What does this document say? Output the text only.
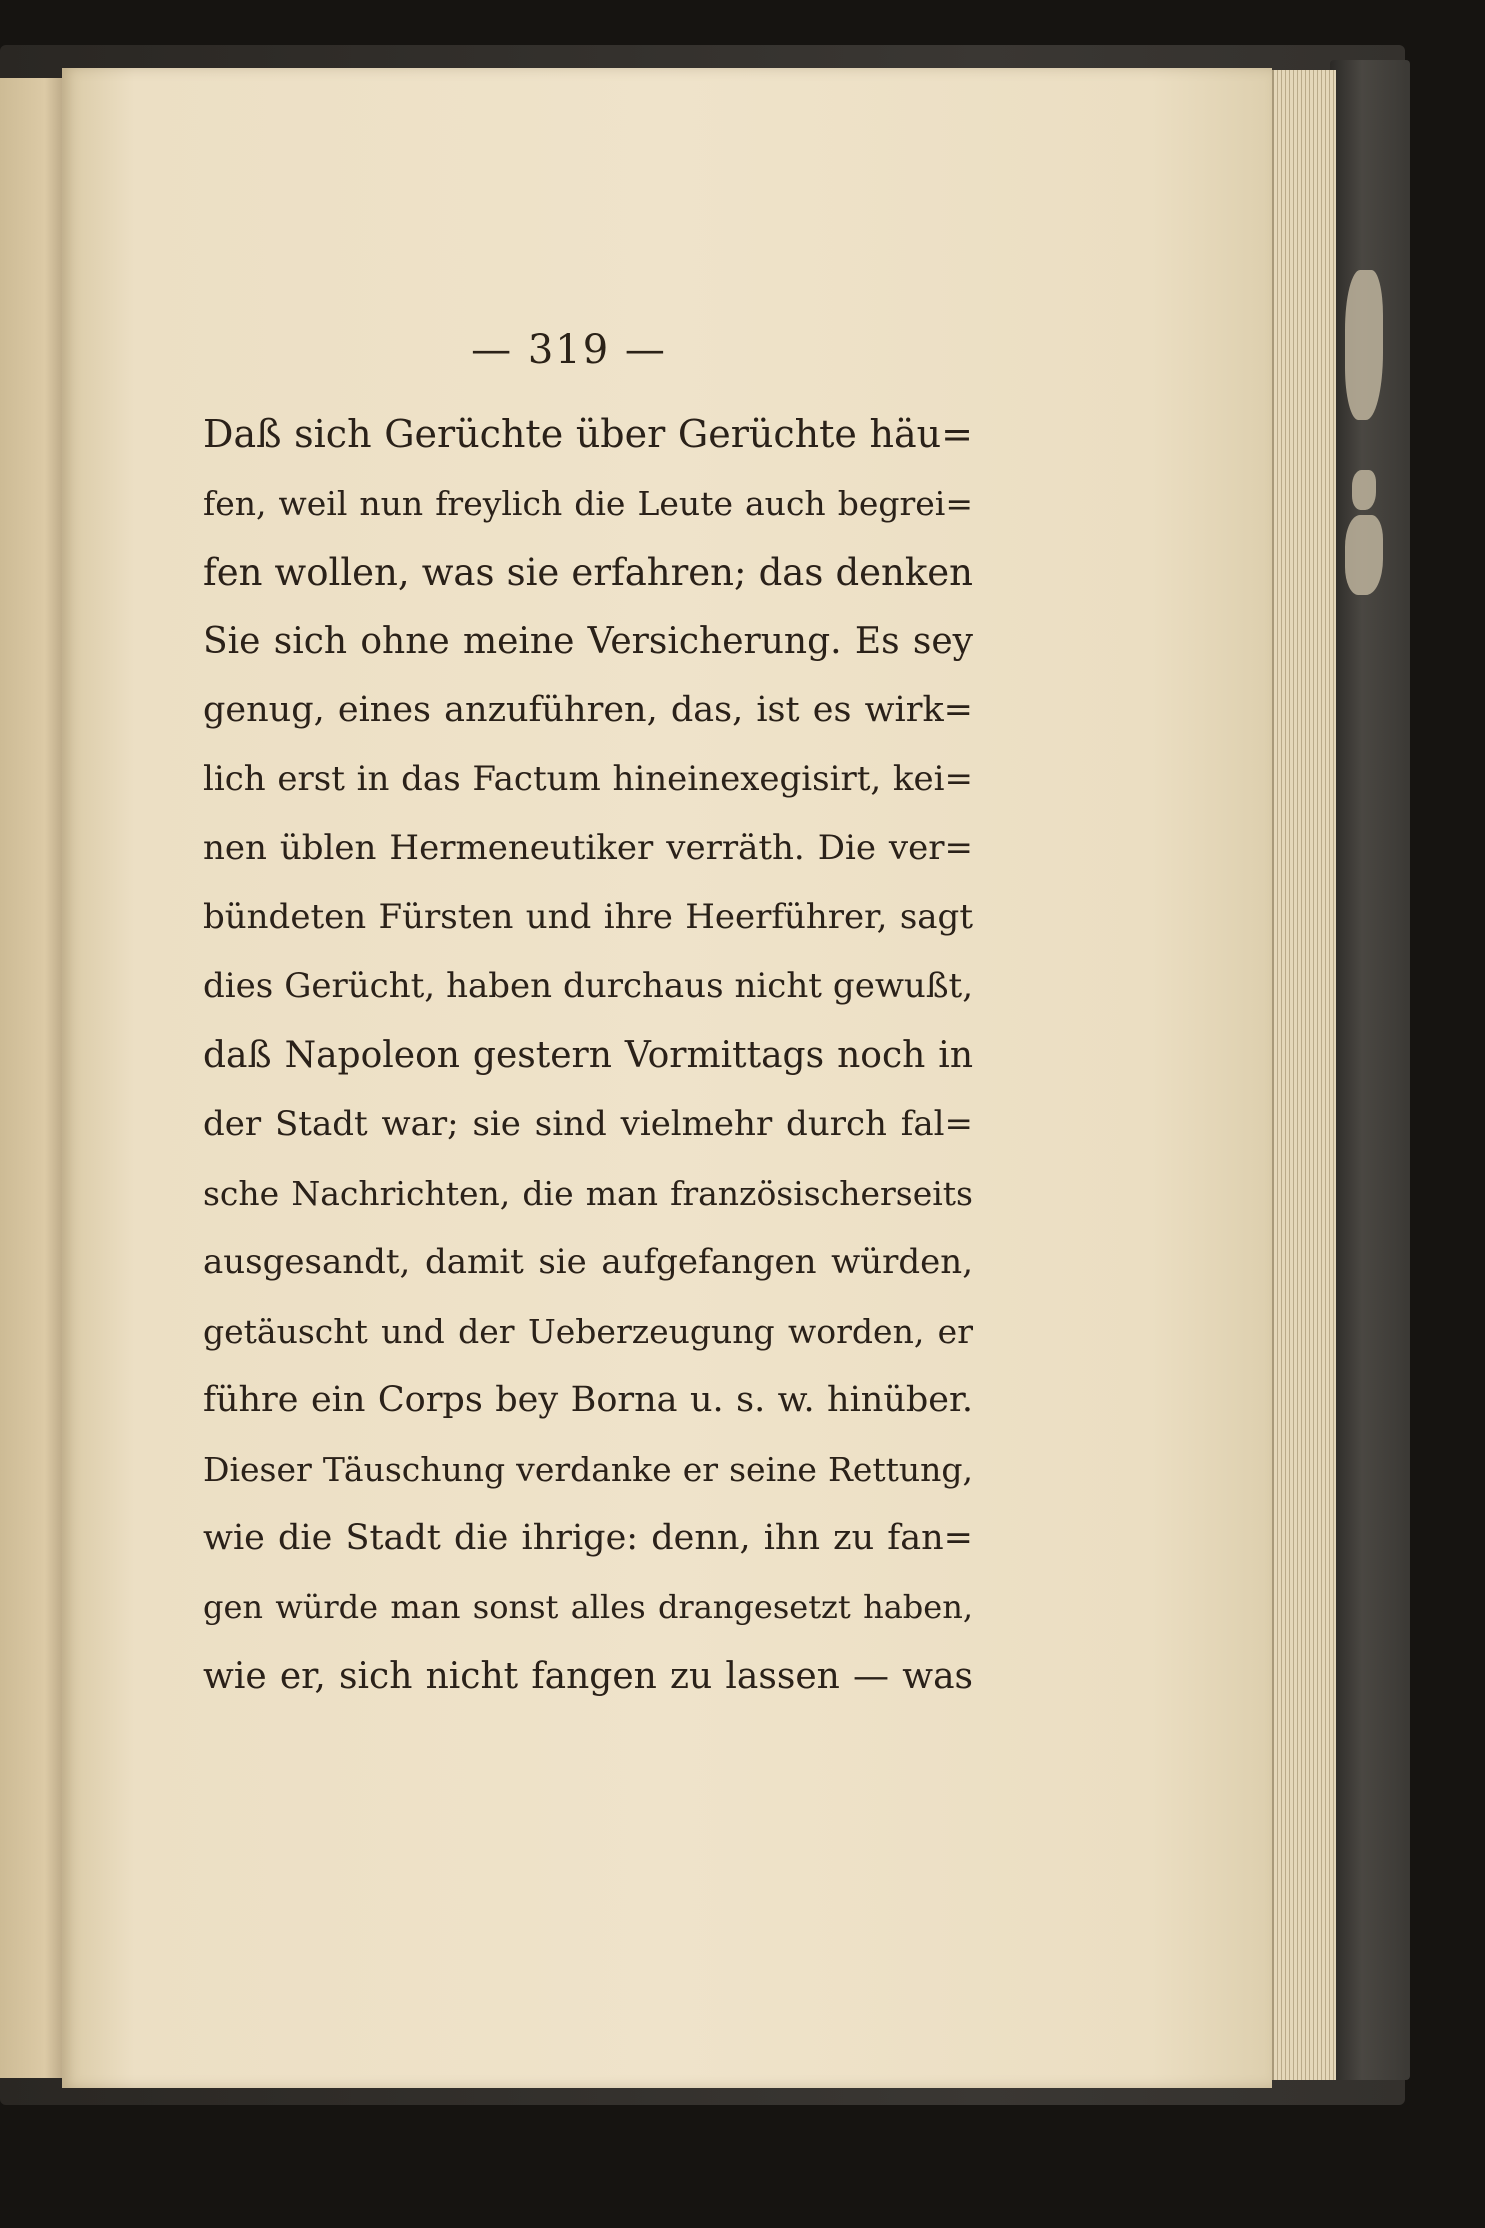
— 319 —
Daß sich Gerüchte über Gerüchte häu=
fen, weil nun freylich die Leute auch begrei=
fen wollen, was sie erfahren; das denken
Sie sich ohne meine Versicherung. Es sey
genug, eines anzuführen, das, ist es wirk=
lich erst in das Factum hineinexegisirt, kei=
nen üblen Hermeneutiker verräth. Die ver=
bündeten Fürsten und ihre Heerführer, sagt
dies Gerücht, haben durchaus nicht gewußt,
daß Napoleon gestern Vormittags noch in
der Stadt war; sie sind vielmehr durch fal=
sche Nachrichten, die man französischerseits
ausgesandt, damit sie aufgefangen würden,
getäuscht und der Ueberzeugung worden, er
führe ein Corps bey Borna u. s. w. hinüber.
Dieser Täuschung verdanke er seine Rettung,
wie die Stadt die ihrige: denn, ihn zu fan=
gen würde man sonst alles drangesetzt haben,
wie er, sich nicht fangen zu lassen — was
